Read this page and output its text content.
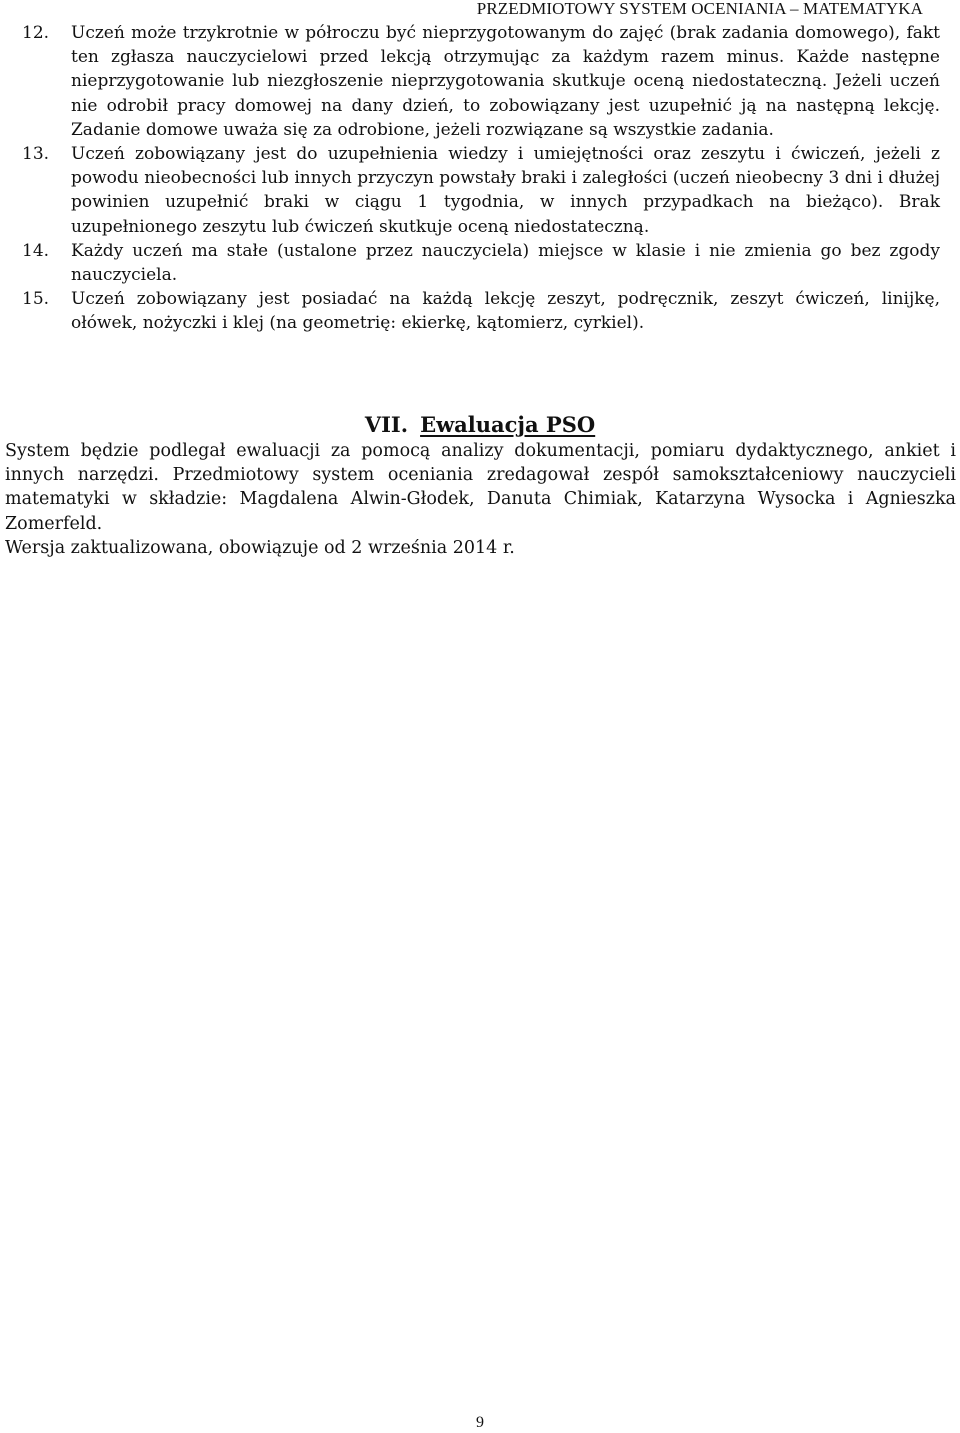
PRZEDMIOTOWY SYSTEM OCENIANIA – MATEMATYKA
12. Uczeń może trzykrotnie w półroczu być nieprzygotowanym do zajęć (brak zadania domowego), fakt ten zgłasza nauczycielowi przed lekcją otrzymując za każdym razem minus. Każde następne nieprzygotowanie lub niezgłoszenie nieprzygotowania skutkuje oceną niedostateczną. Jeżeli uczeń nie odrobił pracy domowej na dany dzień, to zobowiązany jest uzupełnić ją na następną lekcję. Zadanie domowe uważa się za odrobione, jeżeli rozwiązane są wszystkie zadania.
13. Uczeń zobowiązany jest do uzupełnienia wiedzy i umiejętności oraz zeszytu i ćwiczeń, jeżeli z powodu nieobecności lub innych przyczyn powstały braki i zaległości (uczeń nieobecny 3 dni i dłużej powinien uzupełnić braki w ciągu 1 tygodnia, w innych przypadkach na bieżąco). Brak uzupełnionego zeszytu lub ćwiczeń skutkuje oceną niedostateczną.
14. Każdy uczeń ma stałe (ustalone przez nauczyciela) miejsce w klasie i nie zmienia go bez zgody nauczyciela.
15. Uczeń zobowiązany jest posiadać na każdą lekcję zeszyt, podręcznik, zeszyt ćwiczeń, linijkę, ołówek, nożyczki i klej (na geometrię: ekierkę, kątomierz, cyrkiel).
VII. Ewaluacja PSO
System będzie podlegał ewaluacji za pomocą analizy dokumentacji, pomiaru dydaktycznego, ankiet i innych narzędzi. Przedmiotowy system oceniania zredagował zespół samokształceniowy nauczycieli matematyki w składzie: Magdalena Alwin-Głodek, Danuta Chimiak, Katarzyna Wysocka i Agnieszka Zomerfeld.
Wersja zaktualizowana, obowiązuje od 2 września 2014 r.
9
